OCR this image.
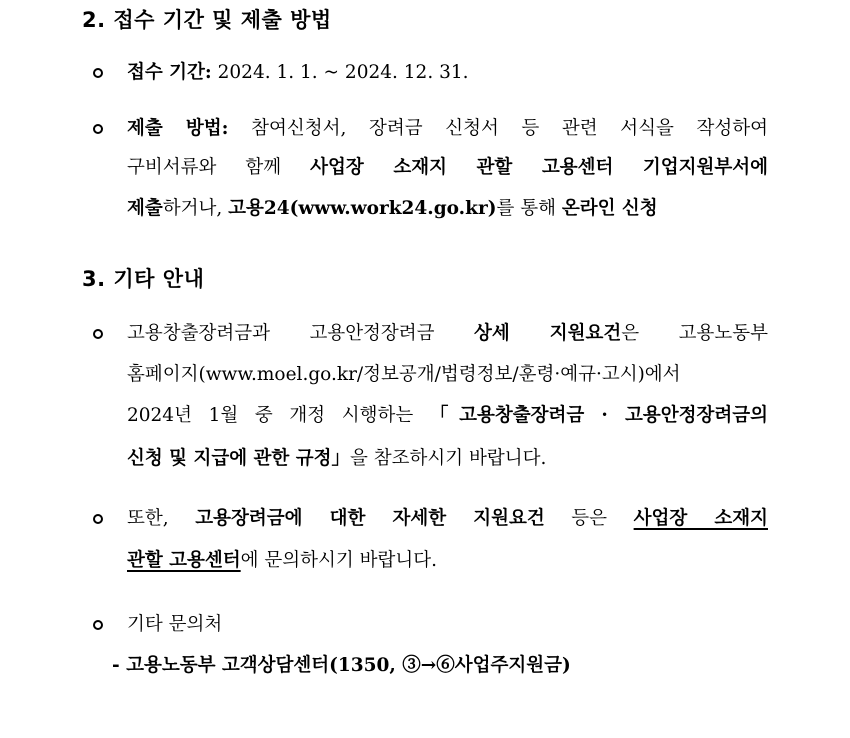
2. 접수 기간 및 제출 방법

접수 기간: 2024. 1. 1. ~ 2024. 12. 31.

제출 방법: 참여신청서, 장려금 신청서 등 관련 서식을 작성하여

구비서류와 함께 사업장 소재지 관할 고용센터 기업지원부서에

제출하거나, 고용24(www.work24.go.kr)를 통해 온라인 신청

3. 기타 안내

고용창출장려금과 고용안정장려금 상세 지원요건은 고용노동부

홈페이지(www.moel.go.kr/정보공개/법령정보/훈령·예규·고시)에서

2024년 1월 중 개정 시행하는 「고용창출장려금 · 고용안정장려금의

신청 및 지급에 관한 규정」을 참조하시기 바랍니다.

또한, 고용장려금에 대한 자세한 지원요건 등은 사업장 소재지

관할 고용센터에 문의하시기 바랍니다.

기타 문의처

- 고용노동부 고객상담센터(1350, ③→⑥사업주지원금)
